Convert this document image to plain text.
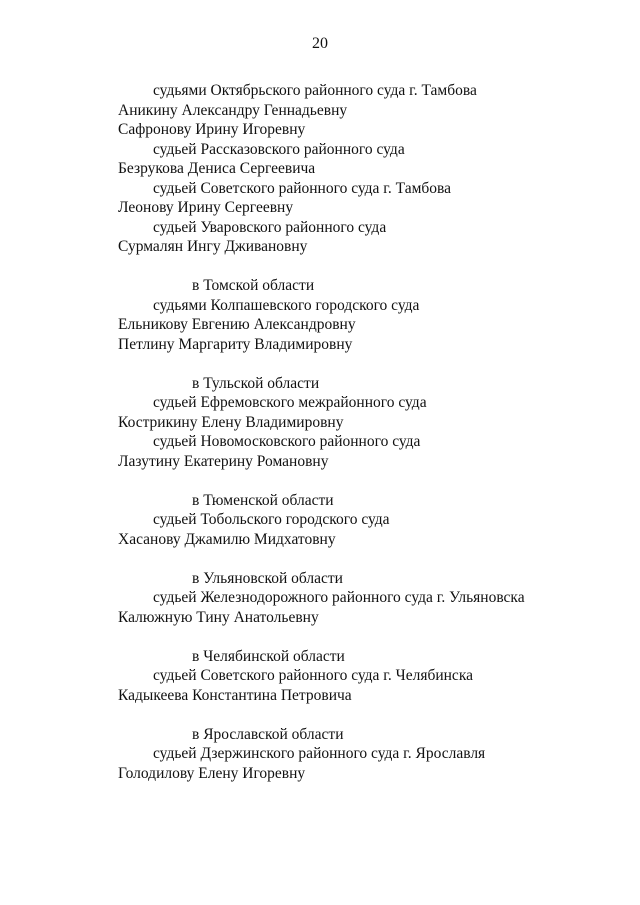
20
судьями Октябрьского районного суда г. Тамбова
Аникину Александру Геннадьевну
Сафронову Ирину Игоревну
судьей Рассказовского районного суда
Безрукова Дениса Сергеевича
судьей Советского районного суда г. Тамбова
Леонову Ирину Сергеевну
судьей Уваровского районного суда
Сурмалян Ингу Дживановну
в Томской области
судьями Колпашевского городского суда
Ельникову Евгению Александровну
Петлину Маргариту Владимировну
в Тульской области
судьей Ефремовского межрайонного суда
Кострикину Елену Владимировну
судьей Новомосковского районного суда
Лазутину Екатерину Романовну
в Тюменской области
судьей Тобольского городского суда
Хасанову Джамилю Мидхатовну
в Ульяновской области
судьей Железнодорожного районного суда г. Ульяновска
Калюжную Тину Анатольевну
в Челябинской области
судьей Советского районного суда г. Челябинска
Кадыкеева Константина Петровича
в Ярославской области
судьей Дзержинского районного суда г. Ярославля
Голодилову Елену Игоревну
